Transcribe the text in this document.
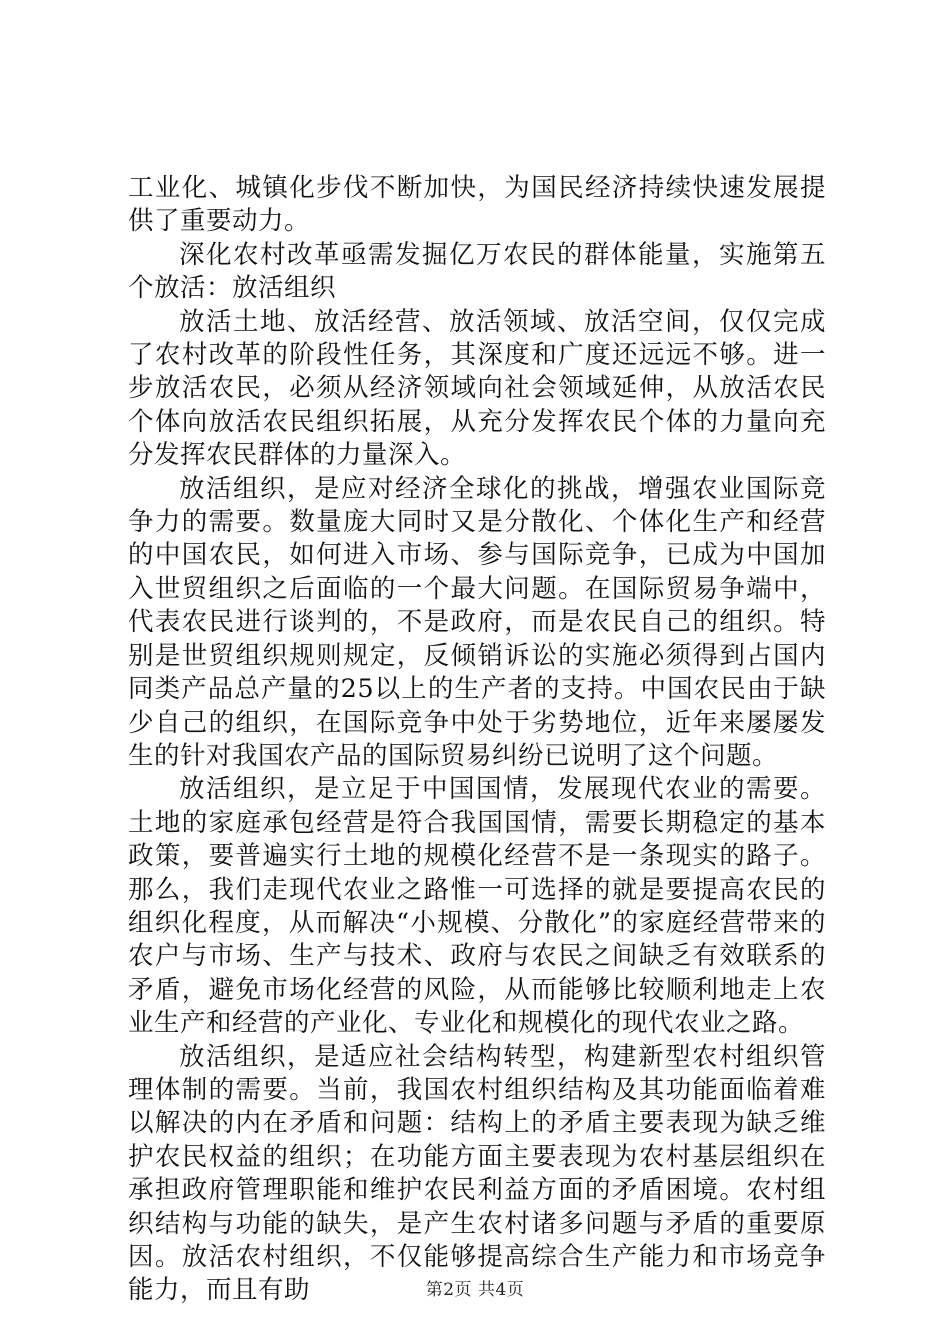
工业化、城镇化步伐不断加快，为国民经济持续快速发展提供了重要动力。

深化农村改革亟需发掘亿万农民的群体能量，实施第五个放活：放活组织

放活土地、放活经营、放活领域、放活空间，仅仅完成了农村改革的阶段性任务，其深度和广度还远远不够。进一步放活农民，必须从经济领域向社会领域延伸，从放活农民个体向放活农民组织拓展，从充分发挥农民个体的力量向充分发挥农民群体的力量深入。

放活组织，是应对经济全球化的挑战，增强农业国际竞争力的需要。数量庞大同时又是分散化、个体化生产和经营的中国农民，如何进入市场、参与国际竞争，已成为中国加入世贸组织之后面临的一个最大问题。在国际贸易争端中，代表农民进行谈判的，不是政府，而是农民自己的组织。特别是世贸组织规则规定，反倾销诉讼的实施必须得到占国内同类产品总产量的25以上的生产者的支持。中国农民由于缺少自己的组织，在国际竞争中处于劣势地位，近年来屡屡发生的针对我国农产品的国际贸易纠纷已说明了这个问题。

放活组织，是立足于中国国情，发展现代农业的需要。土地的家庭承包经营是符合我国国情，需要长期稳定的基本政策，要普遍实行土地的规模化经营不是一条现实的路子。那么，我们走现代农业之路惟一可选择的就是要提高农民的组织化程度，从而解决“小规模、分散化”的家庭经营带来的农户与市场、生产与技术、政府与农民之间缺乏有效联系的矛盾，避免市场化经营的风险，从而能够比较顺利地走上农业生产和经营的产业化、专业化和规模化的现代农业之路。

放活组织，是适应社会结构转型，构建新型农村组织管理体制的需要。当前，我国农村组织结构及其功能面临着难以解决的内在矛盾和问题：结构上的矛盾主要表现为缺乏维护农民权益的组织；在功能方面主要表现为农村基层组织在承担政府管理职能和维护农民利益方面的矛盾困境。农村组织结构与功能的缺失，是产生农村诸多问题与矛盾的重要原因。放活农村组织，不仅能够提高综合生产能力和市场竞争能力，而且有助	第2页 共4页
